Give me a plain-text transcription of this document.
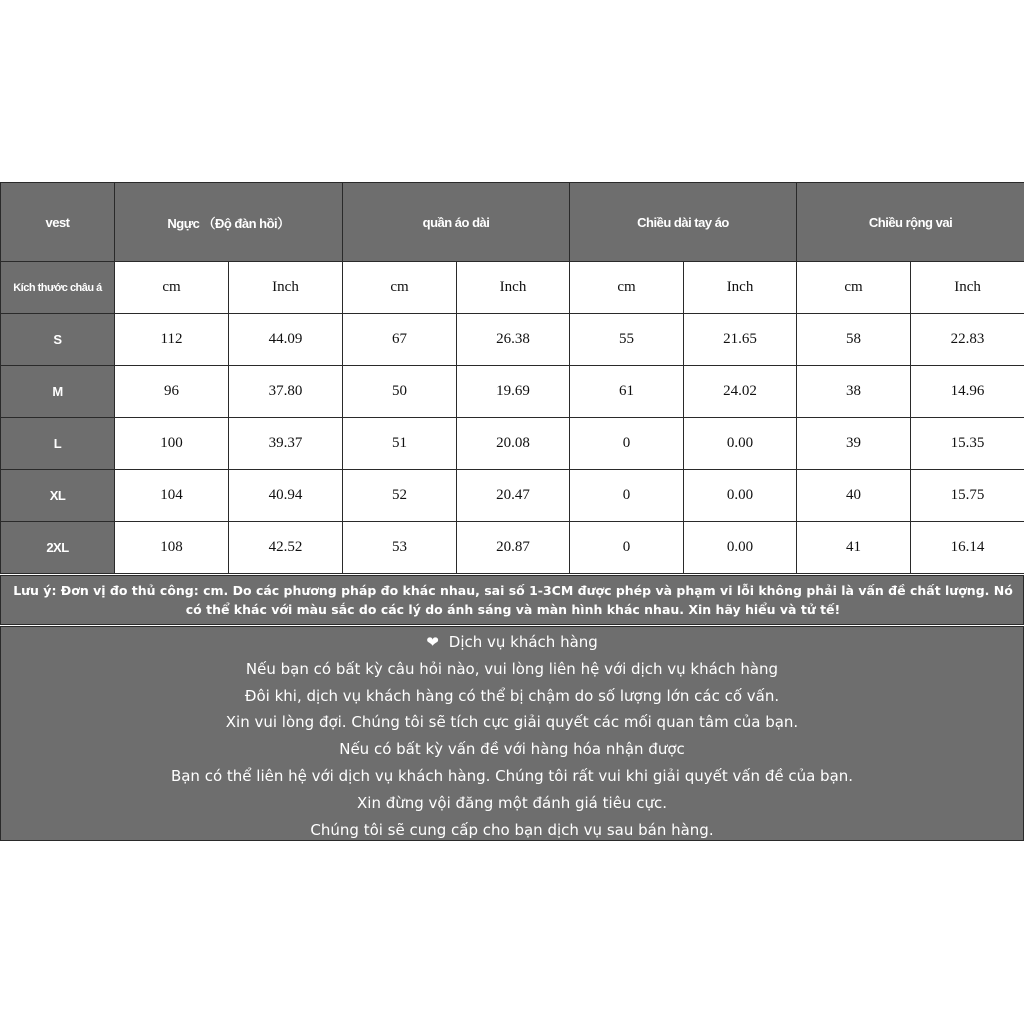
vest	Ngực （Độ đàn hồi）		quần áo dài		Chiều dài tay áo		Chiều rộng vai	
Kích thước châu á	cm	Inch	cm	Inch	cm	Inch	cm	Inch
S	112	44.09	67	26.38	55	21.65	58	22.83
M	96	37.80	50	19.69	61	24.02	38	14.96
L	100	39.37	51	20.08	0	0.00	39	15.35
XL	104	40.94	52	20.47	0	0.00	40	15.75
2XL	108	42.52	53	20.87	0	0.00	41	16.14
Lưu ý: Đơn vị đo thủ công: cm. Do các phương pháp đo khác nhau, sai số 1-3CM được phép và phạm vi lỗi không phải là vấn đề chất lượng. Nó có thể khác với màu sắc do các lý do ánh sáng và màn hình khác nhau. Xin hãy hiểu và tử tế!
❤ Dịch vụ khách hàng
Nếu bạn có bất kỳ câu hỏi nào, vui lòng liên hệ với dịch vụ khách hàng
Đôi khi, dịch vụ khách hàng có thể bị chậm do số lượng lớn các cố vấn.
Xin vui lòng đợi. Chúng tôi sẽ tích cực giải quyết các mối quan tâm của bạn.
Nếu có bất kỳ vấn đề với hàng hóa nhận được
Bạn có thể liên hệ với dịch vụ khách hàng. Chúng tôi rất vui khi giải quyết vấn đề của bạn.
Xin đừng vội đăng một đánh giá tiêu cực.
Chúng tôi sẽ cung cấp cho bạn dịch vụ sau bán hàng.
